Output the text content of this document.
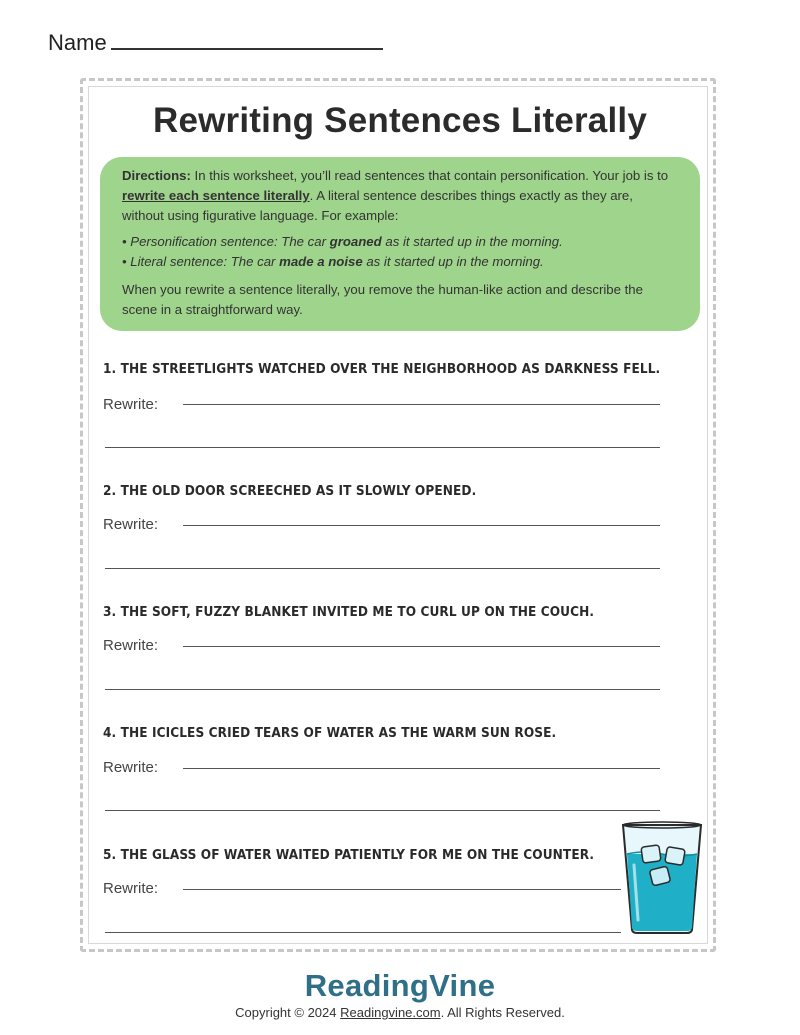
Name
Rewriting Sentences Literally

Directions: In this worksheet, you’ll read sentences that contain personification. Your job is to rewrite each sentence literally. A literal sentence describes things exactly as they are, without using figurative language. For example:

• Personification sentence: The car groaned as it started up in the morning.
• Literal sentence: The car made a noise as it started up in the morning.

When you rewrite a sentence literally, you remove the human-like action and describe the scene in a straightforward way.

1. THE STREETLIGHTS WATCHED OVER THE NEIGHBORHOOD AS DARKNESS FELL.
Rewrite:
2. THE OLD DOOR SCREECHED AS IT SLOWLY OPENED.
Rewrite:
3. THE SOFT, FUZZY BLANKET INVITED ME TO CURL UP ON THE COUCH.
Rewrite:
4. THE ICICLES CRIED TEARS OF WATER AS THE WARM SUN ROSE.
Rewrite:
5. THE GLASS OF WATER WAITED PATIENTLY FOR ME ON THE COUNTER.
Rewrite:
ReadingVine
Copyright © 2024 Readingvine.com. All Rights Reserved.
